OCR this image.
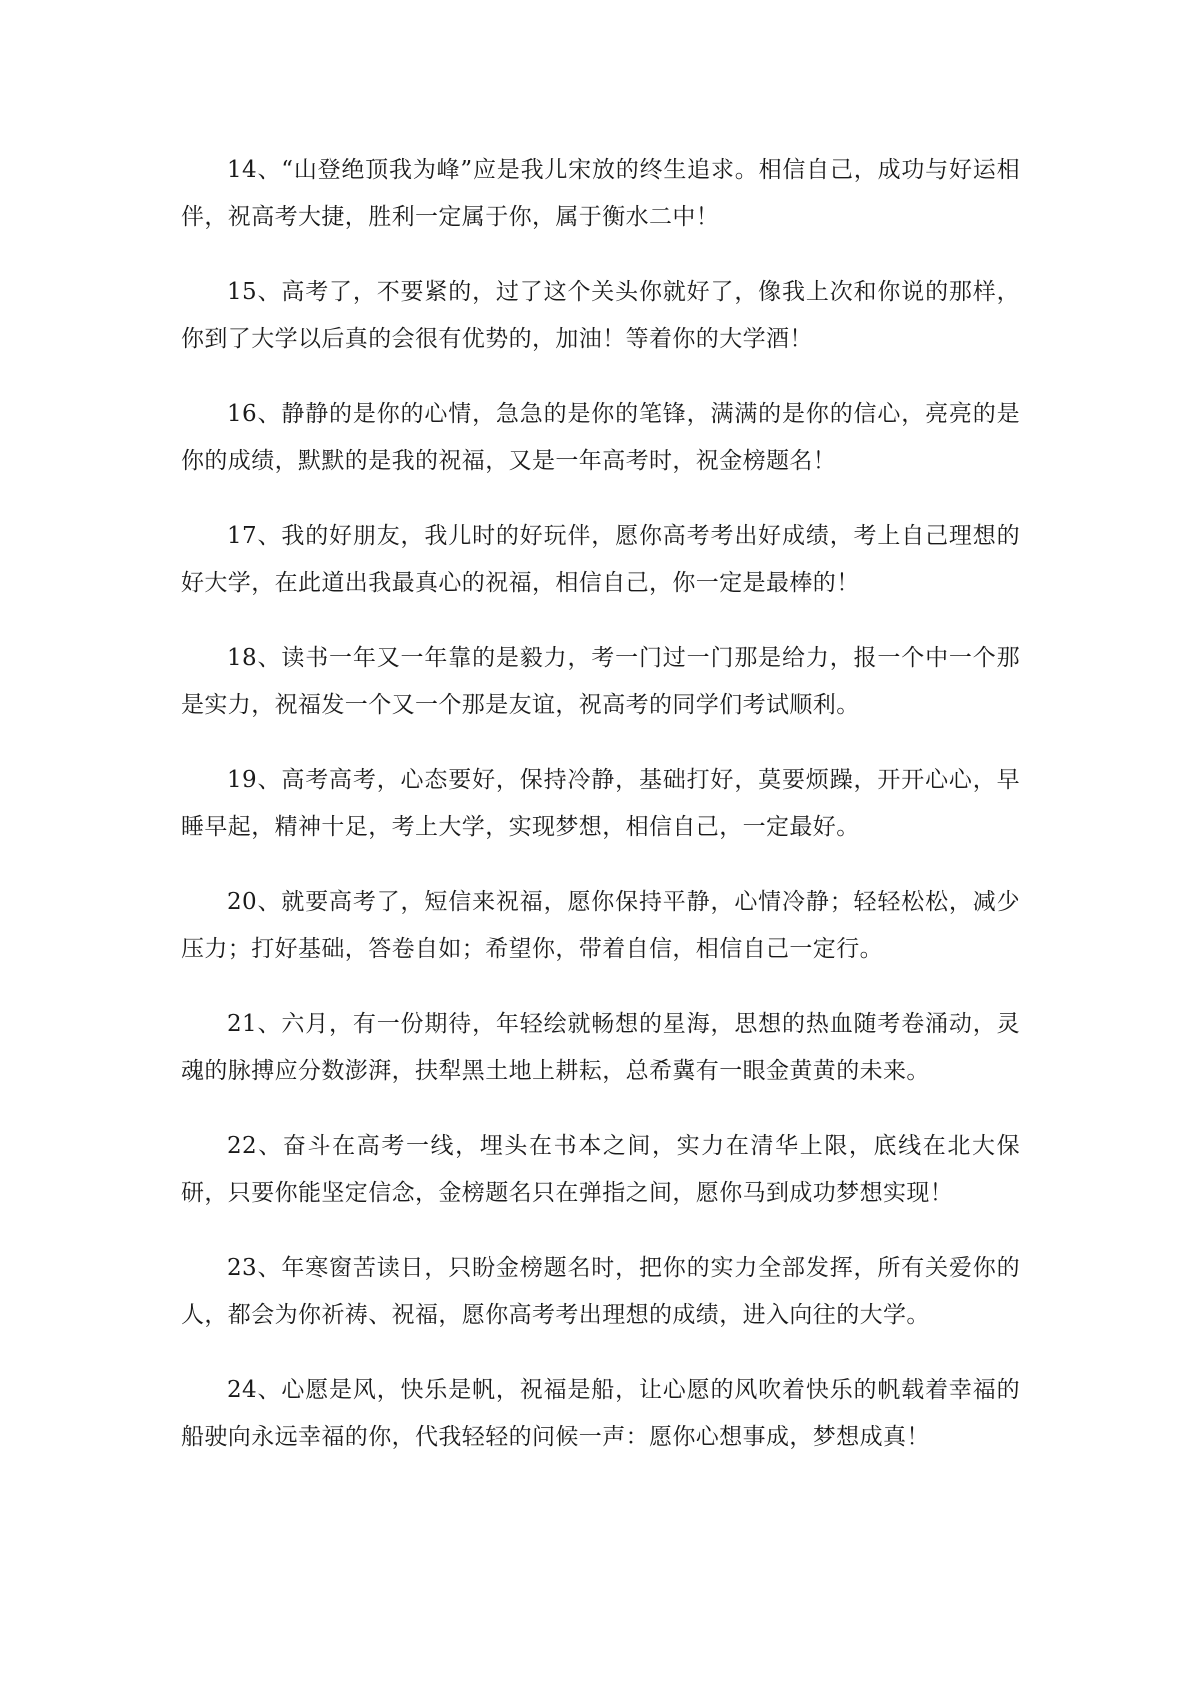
14、“山登绝顶我为峰”应是我儿宋放的终生追求。相信自己，成功与好运相伴，祝高考大捷，胜利一定属于你，属于衡水二中！

15、高考了，不要紧的，过了这个关头你就好了，像我上次和你说的那样，你到了大学以后真的会很有优势的，加油！等着你的大学酒！

16、静静的是你的心情，急急的是你的笔锋，满满的是你的信心，亮亮的是你的成绩，默默的是我的祝福，又是一年高考时，祝金榜题名！

17、我的好朋友，我儿时的好玩伴，愿你高考考出好成绩，考上自己理想的好大学，在此道出我最真心的祝福，相信自己，你一定是最棒的！

18、读书一年又一年靠的是毅力，考一门过一门那是给力，报一个中一个那是实力，祝福发一个又一个那是友谊，祝高考的同学们考试顺利。

19、高考高考，心态要好，保持冷静，基础打好，莫要烦躁，开开心心，早睡早起，精神十足，考上大学，实现梦想，相信自己，一定最好。

20、就要高考了，短信来祝福，愿你保持平静，心情冷静；轻轻松松，减少压力；打好基础，答卷自如；希望你，带着自信，相信自己一定行。

21、六月，有一份期待，年轻绘就畅想的星海，思想的热血随考卷涌动，灵魂的脉搏应分数澎湃，扶犁黑土地上耕耘，总希冀有一眼金黄黄的未来。

22、奋斗在高考一线，埋头在书本之间，实力在清华上限，底线在北大保研，只要你能坚定信念，金榜题名只在弹指之间，愿你马到成功梦想实现！

23、年寒窗苦读日，只盼金榜题名时，把你的实力全部发挥，所有关爱你的人，都会为你祈祷、祝福，愿你高考考出理想的成绩，进入向往的大学。

24、心愿是风，快乐是帆，祝福是船，让心愿的风吹着快乐的帆载着幸福的船驶向永远幸福的你，代我轻轻的问候一声：愿你心想事成，梦想成真！
